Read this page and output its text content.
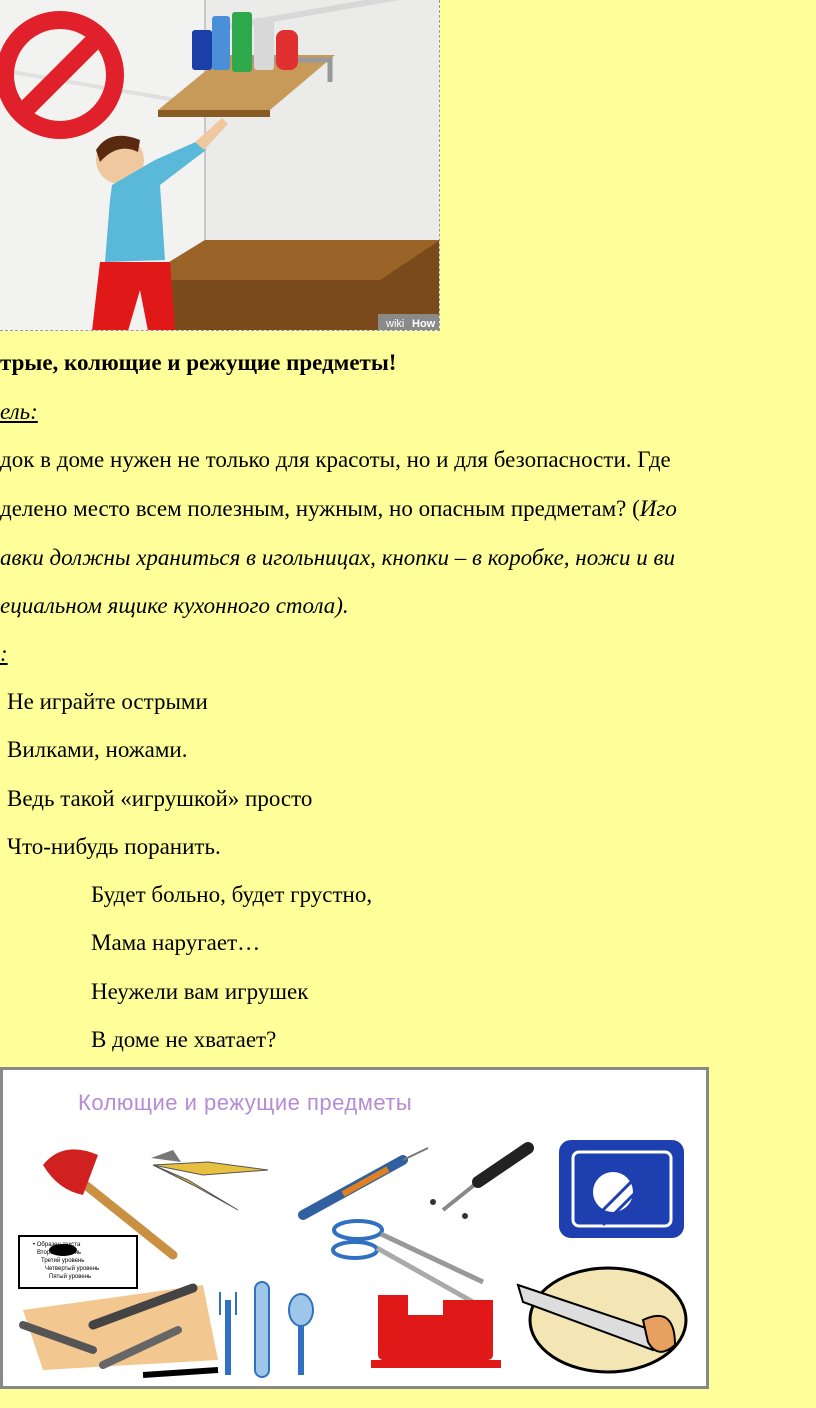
wiki How
трые, колющие и режущие предметы!
ель:
док в доме нужен не только для красоты, но и для безопасности. Где
делено место всем полезным, нужным, но опасным предметам? (Иго
авки должны храниться в игольницах, кнопки – в коробке, ножи и ви
ециальном ящике кухонного стола).
:
Не играйте острыми
Вилками, ножами.
Ведь такой «игрушкой» просто
Что-нибудь поранить.
Будет больно, будет грустно,
Мама наругает…
Неужели вам игрушек
В доме не хватает?
Колющие и режущие предметы
• Образец текста
Второй уровень
Третий уровень
Четвертый уровень
Пятый уровень
